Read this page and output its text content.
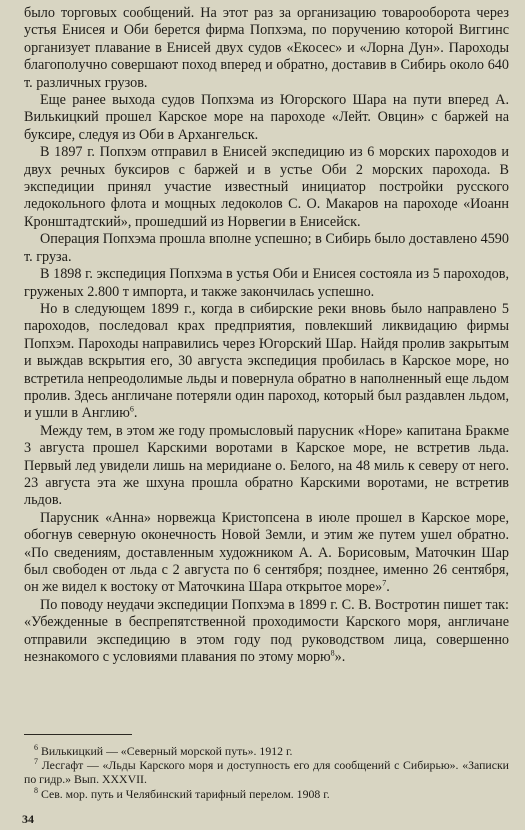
было торговых сообщений. На этот раз за организацию товарооборота через устья Енисея и Оби берется фирма Попхэма, по поручению которой Виггинс организует плавание в Енисей двух судов «Екосес» и «Лорна Дун». Пароходы благополучно совершают поход вперед и обратно, доставив в Сибирь около 640 т. различных грузов.

Еще ранее выхода судов Попхэма из Югорского Шара на пути вперед А. Вилькицкий прошел Карское море на пароходе «Лейт. Овцин» с баржей на буксире, следуя из Оби в Архангельск.

В 1897 г. Попхэм отправил в Енисей экспедицию из 6 морских пароходов и двух речных буксиров с баржей и в устье Оби 2 морских парохода. В экспедиции принял участие известный инициатор постройки русского ледокольного флота и мощных ледоколов С. О. Макаров на пароходе «Иоанн Кронштадтский», прошедший из Норвегии в Енисейск.

Операция Попхэма прошла вполне успешно; в Сибирь было доставлено 4590 т. груза.

В 1898 г. экспедиция Попхэма в устья Оби и Енисея состояла из 5 пароходов, груженых 2.800 т импорта, и также закончилась успешно.

Но в следующем 1899 г., когда в сибирские реки вновь было направлено 5 пароходов, последовал крах предприятия, повлекший ликвидацию фирмы Попхэм. Пароходы направились через Югорский Шар. Найдя пролив закрытым и выждав вскрытия его, 30 августа экспедиция пробилась в Карское море, но встретила непреодолимые льды и повернула обратно в наполненный еще льдом пролив. Здесь англичане потеряли один пароход, который был раздавлен льдом, и ушли в Англию$^6$.

Между тем, в этом же году промысловый парусник «Норе» капитана Бракме 3 августа прошел Карскими воротами в Карское море, не встретив льда. Первый лед увидели лишь на меридиане о. Белого, на 48 миль к северу от него. 23 августа эта же шхуна прошла обратно Карскими воротами, не встретив льдов.

Парусник «Анна» норвежца Кристопсена в июле прошел в Карское море, обогнув северную оконечность Новой Земли, и этим же путем ушел обратно. «По сведениям, доставленным художником А. А. Борисовым, Маточкин Шар был свободен от льда с 2 августа по 6 сентября; позднее, именно 26 сентября, он же видел к востоку от Маточкина Шара открытое море»$^7$.

По поводу неудачи экспедиции Попхэма в 1899 г. С. В. Востротин пишет так: «Убежденные в беспрепятственной проходимости Карского моря, англичане отправили экспедицию в этом году под руководством лица, совершенно незнакомого с условиями плавания по этому морю$^8$».

$^6$ Вилькицкий — «Северный морской путь». 1912 г.

$^7$ Лесгафт — «Льды Карского моря и доступность его для сообщений с Сибирью». «Записки по гидр.» Вып. XXXVII.

$^8$ Сев. мор. путь и Челябинский тарифный перелом. 1908 г.

34
